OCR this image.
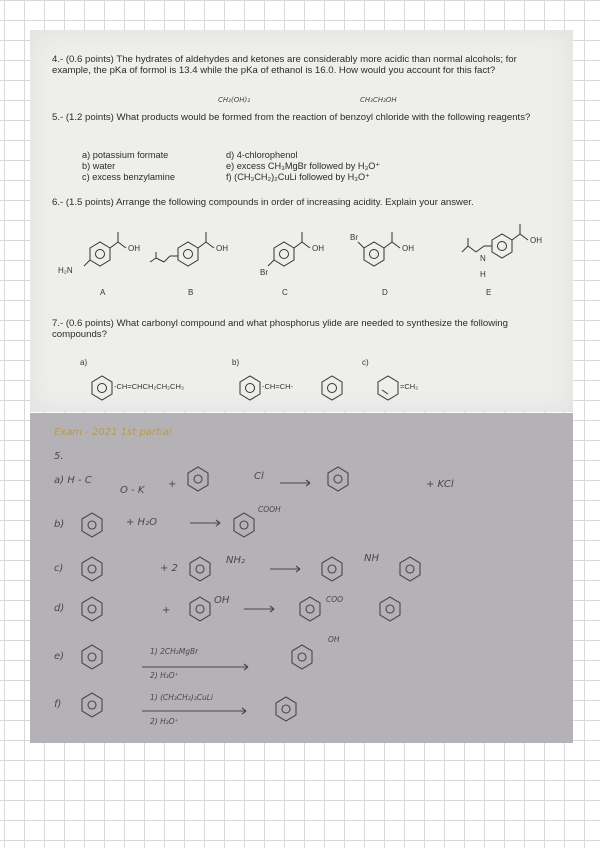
4.- (0.6 points) The hydrates of aldehydes and ketones are considerably more acidic than normal alcohols; for example, the pKa of formol is 13.4 while the pKa of ethanol is 16.0. How would you account for this fact?
CH₂(OH)₂	CH₃CH₂OH
5.- (1.2 points) What products would be formed from the reaction of benzoyl chloride with the following reagents?
a) potassium formate
b) water
c) excess benzylamine
d) 4-chlorophenol
e) excess CH₃MgBr followed by H₃O⁺
f) (CH₃CH₂)₂CuLi followed by H₃O⁺
6.- (1.5 points) Arrange the following compounds in order of increasing acidity. Explain your answer.
OH
H₂N
OH
Br
OH
Br
OH
N
H
OH
A	B	C	D	E
7.- (0.6 points) What carbonyl compound and what phosphorus ylide are needed to synthesize the following compounds?
a)	b)	c)
-CH=CHCH₂CH₂CH₃	-CH=CH-	=CH₂
Exam - 2021 1st partial
5.
a) H - C
O - K
+
Cl
+ KCl
b)	+ H₂O
COOH
c)	+ 2
NH₂	NH
d)	+
OH	COO
e)	1) 2CH₃MgBr
2) H₃O⁺
OH
f)
1) (CH₃CH₂)₂CuLi
2) H₃O⁺
